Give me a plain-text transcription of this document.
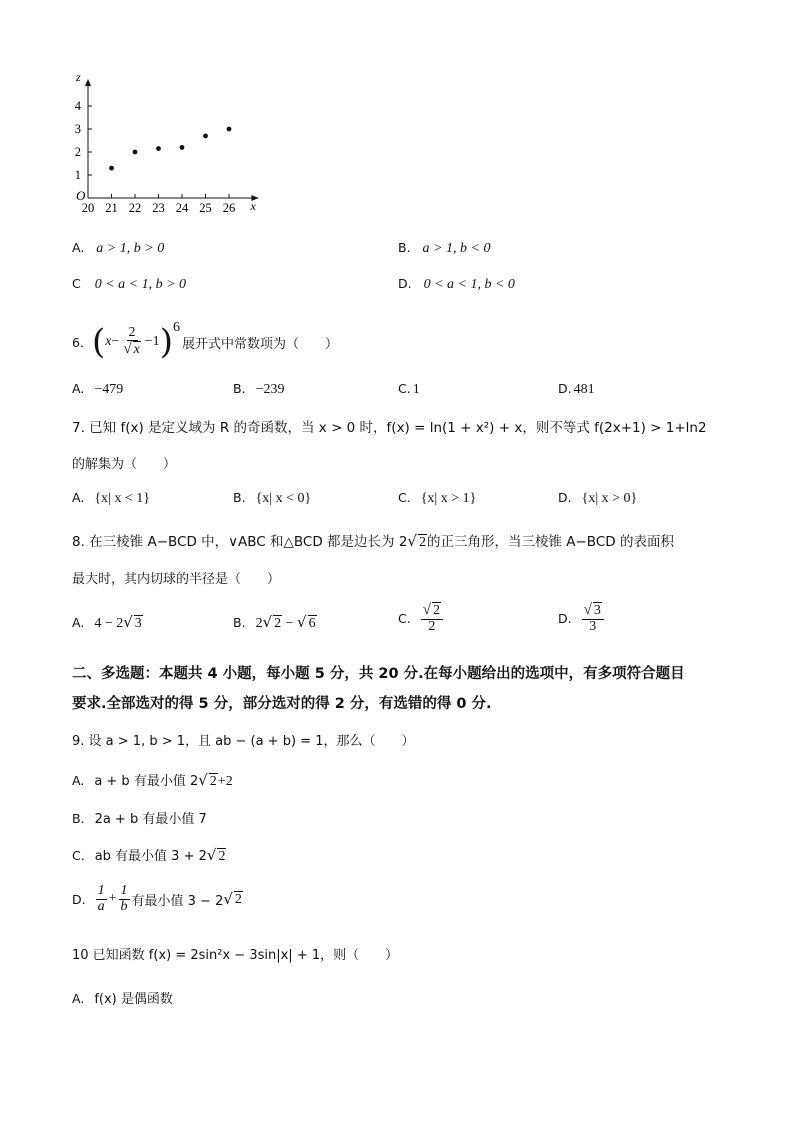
x
z
O
20 21 22 23 24 25 26
1
2
3
4
A. a > 1, b > 0	B. a > 1, b < 0
C 0 < a < 1, b > 0	D. 0 < a < 1, b < 0
6. ( $x - \frac{2}{√ x} -1$ ) 6
展开式中常数项为（　　）
A. −479	B. −239	C. 1	D. 481
7. 已知 f(x) 是定义域为 R 的奇函数，当 x > 0 时，f(x) = ln(1 + x²) + x，则不等式 f(2x+1) > 1+ln2
的解集为（　　）
A. {x| x < 1}	B. {x| x < 0}	C. {x| x > 1}	D. {x| x > 0}
8. 在三棱锥 A−BCD 中，∨ABC 和△BCD 都是边长为 2√ 2的正三角形，当三棱锥 A−BCD 的表面积
最大时，其内切球的半径是（　　）
A. 4 − 2√ 3	B. 2√ 2 − √ 6	C. $\frac{√ 2}{2}$	D. $\frac{√ 3}{3}$
二、多选题：本题共 4 小题，每小题 5 分，共 20 分.在每小题给出的选项中，有多项符合题目
要求.全部选对的得 5 分，部分选对的得 2 分，有选错的得 0 分.
9. 设 a > 1, b > 1，且 ab − (a + b) = 1，那么（　　）
A. a + b 有最小值 2√ 2+2
B. 2a + b 有最小值 7
C. ab 有最小值 3 + 2√ 2
D. $\frac{1}{a} + \frac{1}{b}$ 有最小值 3 − 2 √ 2
10 已知函数 f(x) = 2sin²x − 3sin|x| + 1，则（　　）
A. f(x) 是偶函数
